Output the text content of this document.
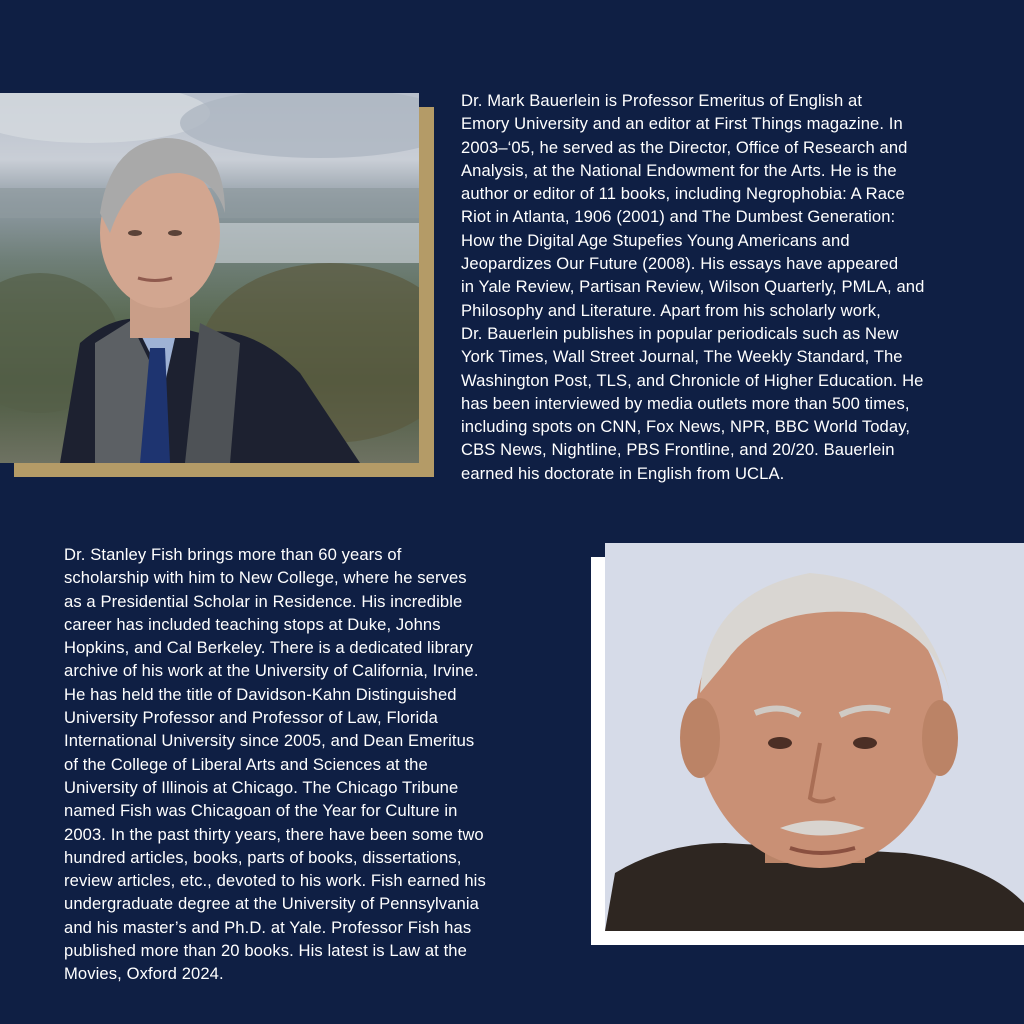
Dr. Mark Bauerlein is Professor Emeritus of English at
Emory University and an editor at First Things magazine. In
2003–‘05, he served as the Director, Office of Research and
Analysis, at the National Endowment for the Arts. He is the
author or editor of 11 books, including Negrophobia: A Race
Riot in Atlanta, 1906 (2001) and The Dumbest Generation:
How the Digital Age Stupefies Young Americans and
Jeopardizes Our Future (2008). His essays have appeared
in Yale Review, Partisan Review, Wilson Quarterly, PMLA, and
Philosophy and Literature. Apart from his scholarly work,
Dr. Bauerlein publishes in popular periodicals such as New
York Times, Wall Street Journal, The Weekly Standard, The
Washington Post, TLS, and Chronicle of Higher Education. He
has been interviewed by media outlets more than 500 times,
including spots on CNN, Fox News, NPR, BBC World Today,
CBS News, Nightline, PBS Frontline, and 20/20. Bauerlein
earned his doctorate in English from UCLA.

Dr. Stanley Fish brings more than 60 years of
scholarship with him to New College, where he serves
as a Presidential Scholar in Residence. His incredible
career has included teaching stops at Duke, Johns
Hopkins, and Cal Berkeley. There is a dedicated library
archive of his work at the University of California, Irvine.
He has held the title of Davidson-Kahn Distinguished
University Professor and Professor of Law, Florida
International University since 2005, and Dean Emeritus
of the College of Liberal Arts and Sciences at the
University of Illinois at Chicago. The Chicago Tribune
named Fish was Chicagoan of the Year for Culture in
2003. In the past thirty years, there have been some two
hundred articles, books, parts of books, dissertations,
review articles, etc., devoted to his work. Fish earned his
undergraduate degree at the University of Pennsylvania
and his master’s and Ph.D. at Yale. Professor Fish has
published more than 20 books. His latest is Law at the
Movies, Oxford 2024.
